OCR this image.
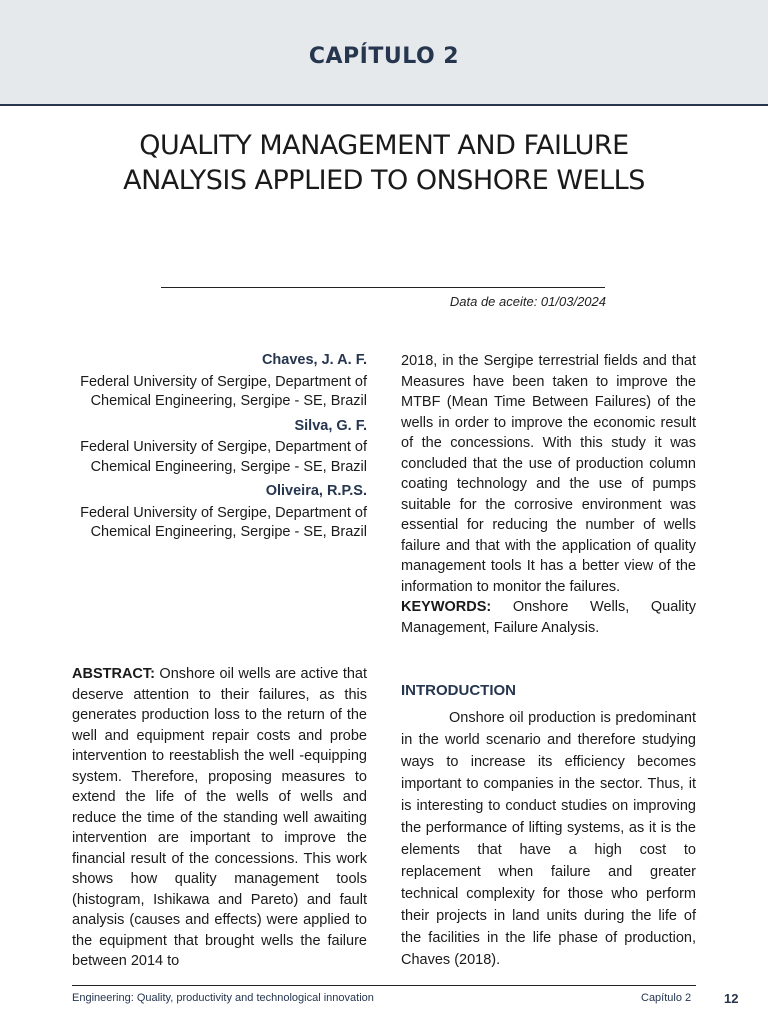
CAPÍTULO 2
QUALITY MANAGEMENT AND FAILURE ANALYSIS APPLIED TO ONSHORE WELLS
Data de aceite: 01/03/2024
Chaves, J. A. F.
Federal University of Sergipe, Department of Chemical Engineering, Sergipe - SE, Brazil
Silva, G. F.
Federal University of Sergipe, Department of Chemical Engineering, Sergipe - SE, Brazil
Oliveira, R.P.S.
Federal University of Sergipe, Department of Chemical Engineering, Sergipe - SE, Brazil
ABSTRACT: Onshore oil wells are active that deserve attention to their failures, as this generates production loss to the return of the well and equipment repair costs and probe intervention to reestablish the well -equipping system. Therefore, proposing measures to extend the life of the wells of wells and reduce the time of the standing well awaiting intervention are important to improve the financial result of the concessions. This work shows how quality management tools (histogram, Ishikawa and Pareto) and fault analysis (causes and effects) were applied to the equipment that brought wells the failure between 2014 to
2018, in the Sergipe terrestrial fields and that Measures have been taken to improve the MTBF (Mean Time Between Failures) of the wells in order to improve the economic result of the concessions. With this study it was concluded that the use of production column coating technology and the use of pumps suitable for the corrosive environment was essential for reducing the number of wells failure and that with the application of quality management tools It has a better view of the information to monitor the failures.
KEYWORDS: Onshore Wells, Quality Management, Failure Analysis.
INTRODUCTION
Onshore oil production is predominant in the world scenario and therefore studying ways to increase its efficiency becomes important to companies in the sector. Thus, it is interesting to conduct studies on improving the performance of lifting systems, as it is the elements that have a high cost to replacement when failure and greater technical complexity for those who perform their projects in land units during the life of the facilities in the life phase of production, Chaves (2018).
Engineering: Quality, productivity and technological innovation	Capítulo 2	12
